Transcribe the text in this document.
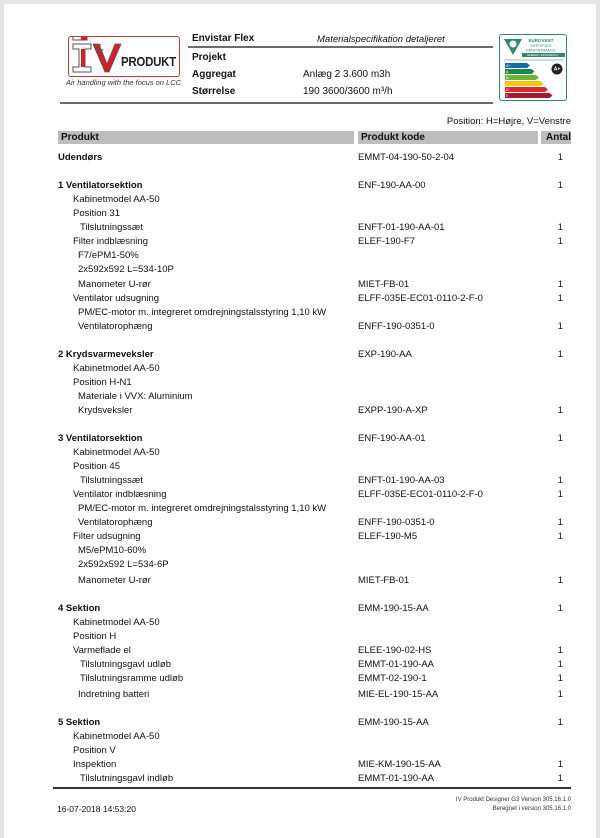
PRODUKT
Air handling with the focus on LCC
Envistar Flex	Materialspecifikation detaljeret
Projekt
Aggregat	Anlæg 2 3.600 m3h
Størrelse	190 3600/3600 m³/h
EUROVENT
CERTIFIED
PERFORMANCE
ENERGY EFFICIENCY
A+
A
B
C
D
E
A+
Position: H=Højre, V=Venstre
Produkt	Produkt kode	Antal
Udendørs	EMMT-04-190-50-2-04	1
1 Ventilatorsektion	ENF-190-AA-00	1
Kabinetmodel AA-50
Position 31
Tilslutningssæt	ENFT-01-190-AA-01	1
Filter indblæsning	ELEF-190-F7	1
F7/ePM1-50%
2x592x592 L=534-10P
Manometer U-rør	MIET-FB-01	1
Ventilator udsugning	ELFF-035E-EC01-0110-2-F-0	1
PM/EC-motor m. integreret omdrejningstalsstyring 1,10 kW
Ventilatorophæng	ENFF-190-0351-0	1
2 Krydsvarmeveksler	EXP-190-AA	1
Kabinetmodel AA-50
Position H-N1
Materiale i VVX: Aluminium
Krydsveksler	EXPP-190-A-XP	1
3 Ventilatorsektion	ENF-190-AA-01	1
Kabinetmodel AA-50
Position 45
Tilslutningssæt	ENFT-01-190-AA-03	1
Ventilator indblæsning	ELFF-035E-EC01-0110-2-F-0	1
PM/EC-motor m. integreret omdrejningstalsstyring 1,10 kW
Ventilatorophæng	ENFF-190-0351-0	1
Filter udsugning	ELEF-190-M5	1
M5/ePM10-60%
2x592x592 L=534-6P
Manometer U-rør	MIET-FB-01	1
4 Sektion	EMM-190-15-AA	1
Kabinetmodel AA-50
Position H
Varmeflade el	ELEE-190-02-HS	1
Tilslutningsgavl udløb	EMMT-01-190-AA	1
Tilslutningsramme udløb	EMMT-02-190-1	1
Indretning batteri	MIE-EL-190-15-AA	1
5 Sektion	EMM-190-15-AA	1
Kabinetmodel AA-50
Position V
Inspektion	MIE-KM-190-15-AA	1
Tilslutningsgavl indløb	EMMT-01-190-AA	1
16-07-2018 14:53:20
IV Produkt Designer G3 Version 305.16.1.0
Beregnet i version 305.16.1.0
